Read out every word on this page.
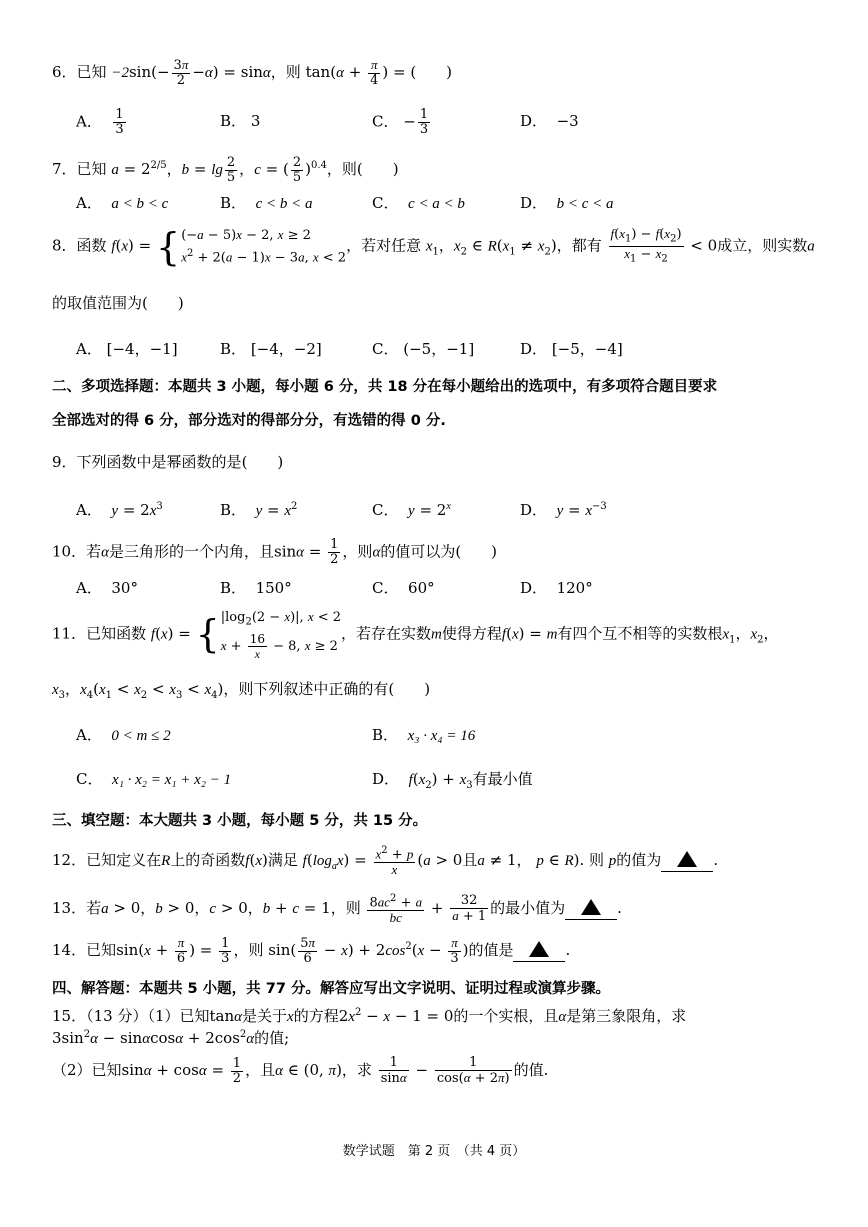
6．已知 $-2\sin(- \frac{3\pi}{2} -\alpha) = \sin\alpha$，则 $\tan(\alpha + \frac{\pi}{4}$ ) = (　　)
A． $\frac{1}{3}$	B． 3	C． − $\frac{1}{3}$	D． −3
7．已知 $a = 2^{2/5}$，$b = \lg \frac{2}{5}$ ，c = ( $\frac{2}{5} )^{0.4}$，则(　　)
A． a < b < c	B． c < b < a	C． c < a < b	D． b < c < a
8．函数 f(x) = {(−a − 5)x − 2, x ≥ 2
$x^2 + 2(a - 1)x - 3a$, x < 2，若对任意 $x_1$，$x_2$ ∈ $R(x_1 \ne x_2)$，都有 $\frac{f(x_1) - f(x_2)}{x_1 - x_2} < 0$成立，则实数a
的取值范围为(　　)
A． [−4，−1]	B． [−4，−2]	C． (−5，−1]	D． [−5，−4]
二、多项选择题：本题共 3 小题，每小题 6 分，共 18 分在每小题给出的选项中，有多项符合题目要求
全部选对的得 6 分，部分选对的得部分分，有选错的得 0 分.
9．下列函数中是幂函数的是(　　)
A． $y = 2x^3$	B． $y = x^2$	C． $y = 2^x$	D． $y = x^{-3}$
10．若α是三角形的一个内角，且$\sin\alpha = \frac{1}{2}$ ，则α的值可以为(　　)
A． 30°	B． 150°	C． 60°	D． 120°
11．已知函数 $f(x) = \{|\log_2(2 - x)|$, x < 2
$x + \frac{16}{x} - 8$, x ≥ 2，若存在实数m使得方程f(x) = m有四个互不相等的实数根$x_1$，$x_2$，
$x_3$，$x_4(x_1 < x_2 < x_3 < x_4)$，则下列叙述中正确的有(　　)
A． 0 < m ≤ 2	B． x₃ · x₄ = 16
C． x₁ · x₂ = x₁ + x₂ − 1	D． $f(x_2) + x_3$有最小值
三、填空题：本大题共 3 小题，每小题 5 分，共 15 分。
12．已知定义在R上的奇函数f(x)满足 $f(\log_ax) = \frac{x^2 + p}{x} (a > 0$且a ≠ 1， p ∈ R). 则 p的值为	.
13．若a > 0，b > 0，c > 0，b + c = 1，则 $\frac{8ac^2 + a}{bc} + \frac{32}{a + 1}$ 的最小值为	.
14．已知$\sin(x + \frac{\pi}{6}$ ) = $\frac{1}{3}$ ，则 $\sin( \frac{5\pi}{6} - x) + 2\cos^2(x - \frac{\pi}{3}$ )的值是	.
四、解答题：本题共 5 小题，共 77 分。解答应写出文字说明、证明过程或演算步骤。
15．（13 分）（1）已知tanα是关于x的方程$2x^2 - x - 1 = 0$的一个实根，且α是第三象限角，求
$3\sin^2\alpha - \sin\alpha\cos\alpha + 2\cos^2\alpha$的值;
（2）已知$\sin\alpha + \cos\alpha = \frac{1}{2}$ ，且α ∈ (0, π)，求 $\frac{1}{\sin\alpha} - \frac{1}{\cos(\alpha + 2\pi)}$ 的值.
数学试题　第 2 页　（共 4 页）
